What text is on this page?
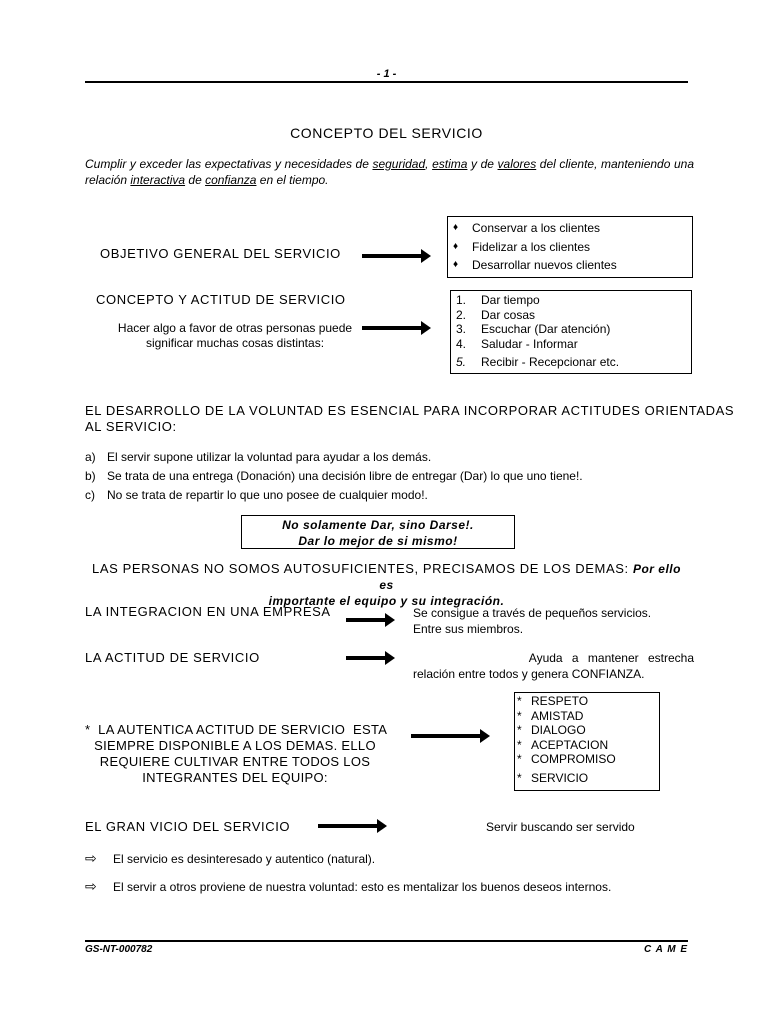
- 1 -
CONCEPTO DEL SERVICIO
Cumplir y exceder las expectativas y necesidades de seguridad, estima y de valores del cliente, manteniendo una relación interactiva de confianza en el tiempo.
OBJETIVO GENERAL DEL SERVICIO
♦ Conservar a los clientes
♦ Fidelizar a los clientes
♦ Desarrollar nuevos clientes
CONCEPTO Y ACTITUD DE SERVICIO
Hacer algo a favor de otras personas puede
significar muchas cosas distintas:
1. Dar tiempo
2. Dar cosas
3. Escuchar (Dar atención)
4. Saludar - Informar
5. Recibir - Recepcionar etc.
EL DESARROLLO DE LA VOLUNTAD ES ESENCIAL PARA INCORPORAR ACTITUDES ORIENTADAS
AL SERVICIO:
a) El servir supone utilizar la voluntad para ayudar a los demás.
b) Se trata de una entrega (Donación) una decisión libre de entregar (Dar) lo que uno tiene!.
c) No se trata de repartir lo que uno posee de cualquier modo!.
No solamente Dar, sino Darse!.
Dar lo mejor de si mismo!
LAS PERSONAS NO SOMOS AUTOSUFICIENTES, PRECISAMOS DE LOS DEMAS: Por ello es
importante el equipo y su integración.
LA INTEGRACION EN UNA EMPRESA	Se consigue a través de pequeños servicios.
Entre sus miembros.
LA ACTITUD DE SERVICIO	Ayuda a mantener estrecha
relación entre todos y genera CONFIANZA.
*  LA AUTENTICA ACTITUD DE SERVICIO  ESTA
SIEMPRE DISPONIBLE A LOS DEMAS. ELLO
REQUIERE CULTIVAR ENTRE TODOS LOS
INTEGRANTES DEL EQUIPO:
* RESPETO
* AMISTAD
* DIALOGO
* ACEPTACION
* COMPROMISO
* SERVICIO
EL GRAN VICIO DEL SERVICIO	Servir buscando ser servido
⇨ El servicio es desinteresado y autentico (natural).
⇨ El servir a otros proviene de nuestra voluntad: esto es mentalizar los buenos deseos internos.
GS-NT-000782	C A M E
